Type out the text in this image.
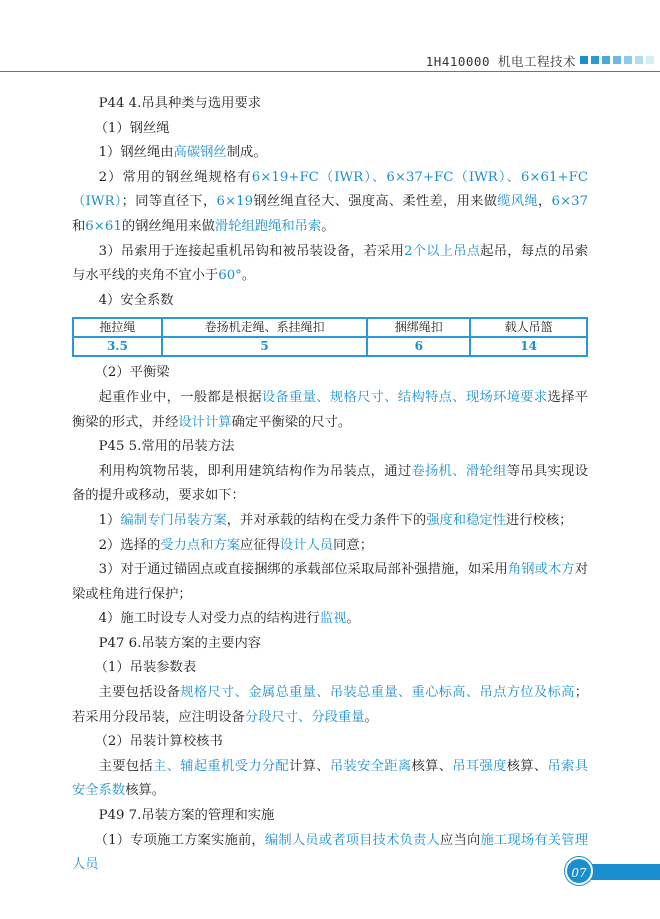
1H410000 机电工程技术

P44 4.吊具种类与选用要求

（1）钢丝绳

1）钢丝绳由高碳钢丝制成。

2）常用的钢丝绳规格有6×19+FC（IWR）、6×37+FC（IWR）、6×61+FC（IWR）；同等直径下，6×19钢丝绳直径大、强度高、柔性差，用来做缆风绳，6×37和6×61的钢丝绳用来做滑轮组跑绳和吊索。

3）吊索用于连接起重机吊钩和被吊装设备，若采用2个以上吊点起吊，每点的吊索与水平线的夹角不宜小于60°。

4）安全系数

拖拉绳	卷扬机走绳、系挂绳扣	捆绑绳扣	载人吊篮
3.5	5	6	14

（2）平衡梁

起重作业中，一般都是根据设备重量、规格尺寸、结构特点、现场环境要求选择平衡梁的形式，并经设计计算确定平衡梁的尺寸。

P45 5.常用的吊装方法

利用构筑物吊装，即利用建筑结构作为吊装点，通过卷扬机、滑轮组等吊具实现设备的提升或移动，要求如下：

1）编制专门吊装方案，并对承载的结构在受力条件下的强度和稳定性进行校核；

2）选择的受力点和方案应征得设计人员同意；

3）对于通过锚固点或直接捆绑的承载部位采取局部补强措施，如采用角钢或木方对梁或柱角进行保护；

4）施工时设专人对受力点的结构进行监视。

P47 6.吊装方案的主要内容

（1）吊装参数表

主要包括设备规格尺寸、金属总重量、吊装总重量、重心标高、吊点方位及标高；若采用分段吊装，应注明设备分段尺寸、分段重量。

（2）吊装计算校核书

主要包括主、辅起重机受力分配计算、吊装安全距离核算、吊耳强度核算、吊索具安全系数核算。

P49 7.吊装方案的管理和实施

（1）专项施工方案实施前，编制人员或者项目技术负责人应当向施工现场有关管理人员

07
